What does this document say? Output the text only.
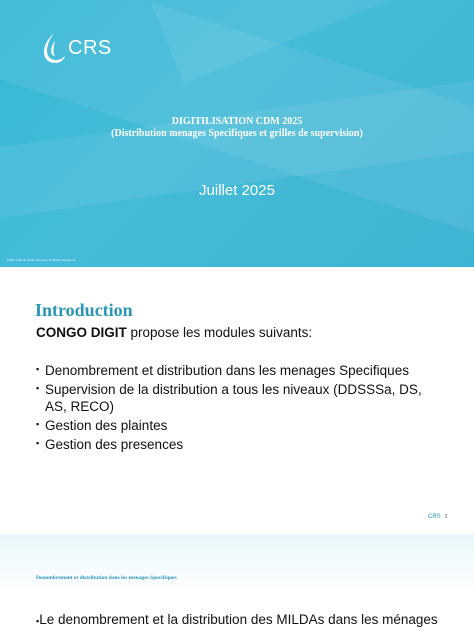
CRS
DIGITILISATION CDM 2025
(Distribution menages Specifiques et grilles de supervision)
Juillet 2025
©2025 Catholic Relief Services. All Rights Reserved.
Introduction
CONGO DIGIT propose les modules suivants:
▪ Denombrement et distribution dans les menages Specifiques
▪ Supervision de la distribution a tous les niveaux (DDSSSa, DS, AS, RECO)
▪ Gestion des plaintes
▪ Gestion des presences
CRS 2
Denombrement et distribution dans les menages Specifiques
▪Le denombrement et la distribution des MILDAs dans les ménages
